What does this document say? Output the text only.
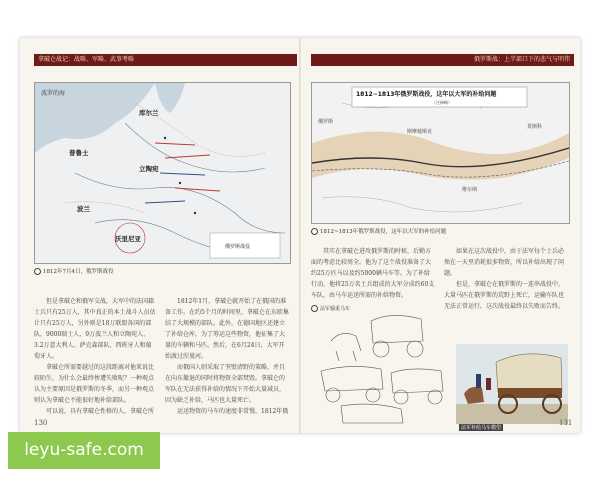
拿破仑战记：战略、军略、武事考略
波罗的海
库尔兰
普鲁士
立陶宛
波兰
沃里尼亚
俄罗斯战役
1812年7月4日，俄罗斯战役

但是拿破仑和俄军交战，大军中的法国籍士兵只有25万人，其中真正的本土战斗人员估计只有25万人，另外则是18万联盟各国的部队，9000瑞士人、9万波兰人和立陶宛人、3.2万意大利人、萨克森部队，西班牙人和葡萄牙人。

拿破仑所需要越过的这段距离对他来说比较陌生，为什么会最终惨遭失败呢？一种观点认为主要原因是俄罗斯的冬季，而另一种观点则认为拿破仑不能很好地补给部队。

可以说，具有拿破仑性格的人，拿破仑所

1812年1月，拿破仑就开始了在俄国的准备工作。在约5个月的时间里，拿破仑在东欧集结了大规模的部队。此外，在德国地区还建立了补给仓库，为了筹运这些物资，他征集了大量的车辆和马匹。然后，在6月24日，大军开始渡过涅曼河。

而俄国人则采取了坚壁清野的策略，并且在向东撤退的同时将物资全部焚毁。拿破仑的军队在无法获得补给的情况下开始大量减员，因为缺乏补给，马匹也大量死亡。

运送物资的马车的速度非常慢，1812年俄

130
俄罗斯战：上半部口下的悲气与明伟
1812~1813年俄罗斯战役，这年以大军的补给问题
（注释略）
俄罗斯
斯摩棱斯克
维尔纳
莫斯科
1812~1813年俄罗斯战役，这年以大军的补给问题

其实在拿破仑进攻俄罗斯的时候，后勤方面的考虑比较周全。他为了这个战役准备了大约25万匹马以及约5000辆马车等。为了补给行动，他将25万名士兵组成的大军分成约60支车队，由马车运送所需的补给物资。

如果在这次战役中，由于法军每个士兵必须在一天里消耗很多物资，所以补给出现了问题。

但是，拿破仑在俄罗斯的一连串战役中，大量马匹在俄罗斯的荒野上死亡，运输车队也无法正常运行。这次战役最终以失败而告终。

法军辎重马车
法军补给马车模型
131
leyu-safe.com
